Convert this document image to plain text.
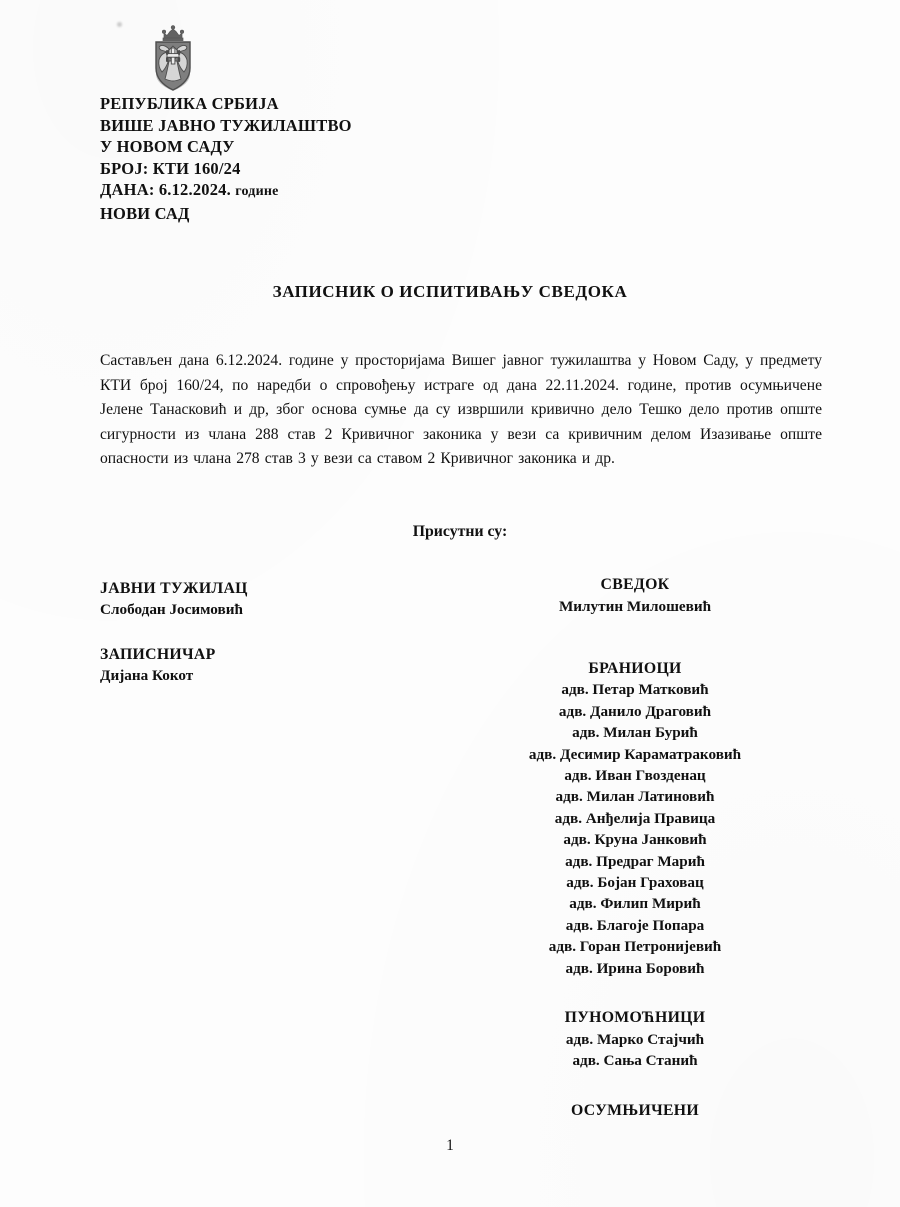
РЕПУБЛИКА СРБИЈА
ВИШЕ ЈАВНО ТУЖИЛАШТВО
У НОВОМ САДУ
БРОЈ: КТИ 160/24
ДАНА: 6.12.2024. године
НОВИ САД
ЗАПИСНИК О ИСПИТИВАЊУ СВЕДОКА
Састављен дана 6.12.2024. године у просторијама Вишег јавног тужилаштва у Новом Саду, у предмету КТИ број 160/24, по наредби о спровођењу истраге од дана 22.11.2024. године, против осумњичене Јелене Танасковић и др, због основа сумње да су извршили кривично дело Тешко дело против опште сигурности из члана 288 став 2 Кривичног законика у вези са кривичним делом Изазивање опште опасности из члана 278 став 3 у вези са ставом 2 Кривичног законика и др.
Присутни су:
ЈАВНИ ТУЖИЛАЦ
Слободан Јосимовић
ЗАПИСНИЧАР
Дијана Кокот
СВЕДОК
Милутин Милошевић
БРАНИОЦИ
адв. Петар Матковић
адв. Данило Драговић
адв. Милан Бурић
адв. Десимир Караматраковић
адв. Иван Гвозденац
адв. Милан Латиновић
адв. Анђелија Правица
адв. Круна Јанковић
адв. Предраг Марић
адв. Бојан Граховац
адв. Филип Мирић
адв. Благоје Попара
адв. Горан Петронијевић
адв. Ирина Боровић
ПУНОМОЋНИЦИ
адв. Марко Стајчић
адв. Сања Станић
ОСУМЊИЧЕНИ
1
